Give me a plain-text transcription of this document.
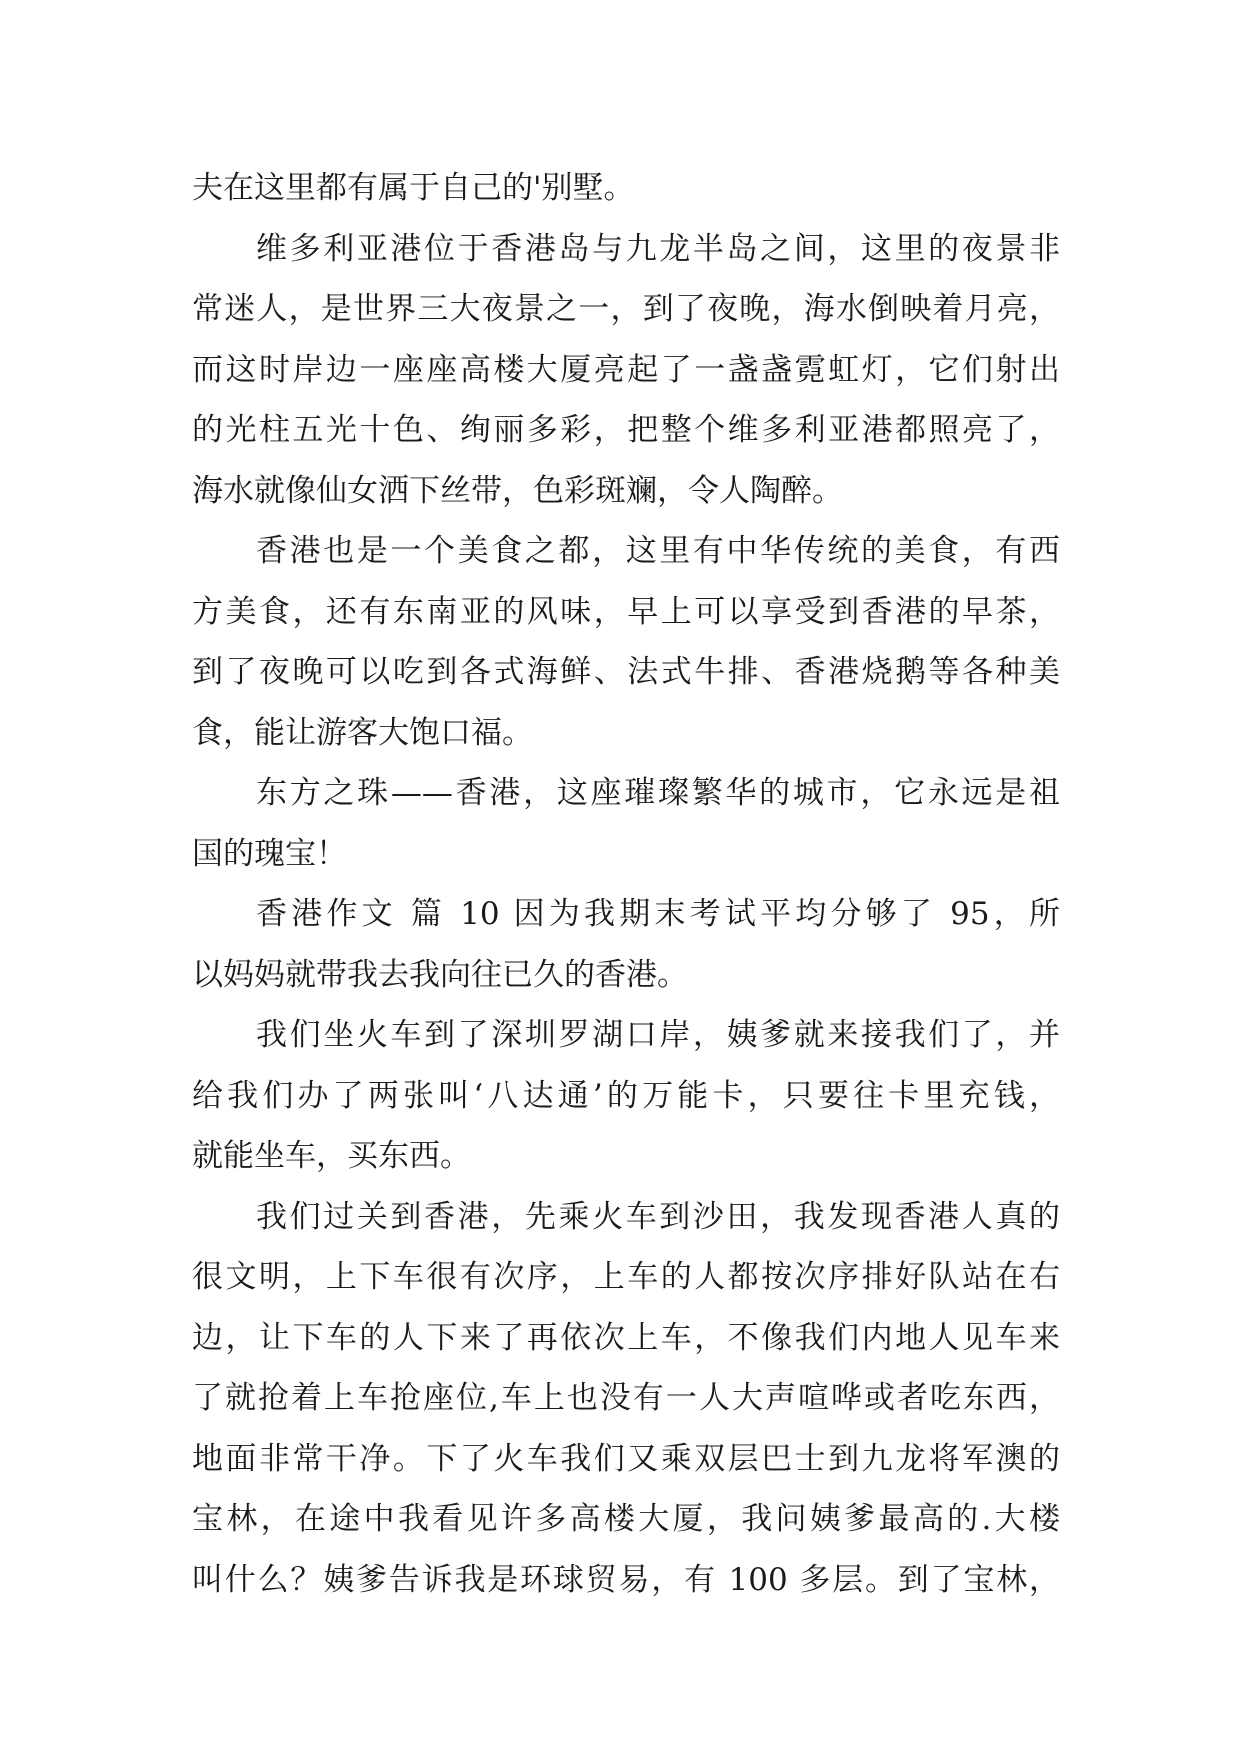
夫在这里都有属于自己的'别墅。
维多利亚港位于香港岛与九龙半岛之间，这里的夜景非
常迷人，是世界三大夜景之一，到了夜晚，海水倒映着月亮，
而这时岸边一座座高楼大厦亮起了一盏盏霓虹灯，它们射出
的光柱五光十色、绚丽多彩，把整个维多利亚港都照亮了，
海水就像仙女洒下丝带，色彩斑斓，令人陶醉。
香港也是一个美食之都，这里有中华传统的美食，有西
方美食，还有东南亚的风味，早上可以享受到香港的早茶，
到了夜晚可以吃到各式海鲜、法式牛排、香港烧鹅等各种美
食，能让游客大饱口福。
东方之珠——香港，这座璀璨繁华的城市，它永远是祖
国的瑰宝！
香港作文 篇 10 因为我期末考试平均分够了 95，所
以妈妈就带我去我向往已久的香港。
我们坐火车到了深圳罗湖口岸，姨爹就来接我们了，并
给我们办了两张叫‘八达通’的万能卡，只要往卡里充钱，
就能坐车，买东西。
我们过关到香港，先乘火车到沙田，我发现香港人真的
很文明，上下车很有次序，上车的人都按次序排好队站在右
边，让下车的人下来了再依次上车，不像我们内地人见车来
了就抢着上车抢座位,车上也没有一人大声喧哗或者吃东西，
地面非常干净。下了火车我们又乘双层巴士到九龙将军澳的
宝林，在途中我看见许多高楼大厦，我问姨爹最高的.大楼
叫什么？姨爹告诉我是环球贸易，有 100 多层。到了宝林，
